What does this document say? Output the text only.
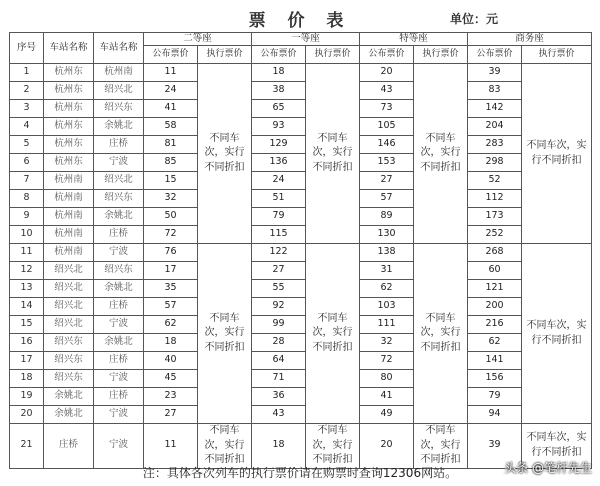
票 价 表	单位：元
序号	车站名称	车站名称	二等座		一等座		特等座		商务座	
			公布票价	执行票价	公布票价	执行票价	公布票价	执行票价	公布票价	执行票价
1	杭州东	杭州南	11	不同车次，实行不同折扣	18	不同车次，实行不同折扣	20	不同车次，实行不同折扣	39	不同车次，实行不同折扣
2	杭州东	绍兴北	24		38		43		83	
3	杭州东	绍兴东	41		65		73		142	
4	杭州东	余姚北	58		93		105		204	
5	杭州东	庄桥	81		129		146		283	
6	杭州东	宁波	85		136		153		298	
7	杭州南	绍兴北	15		24		27		52	
8	杭州南	绍兴东	32		51		57		112	
9	杭州南	余姚北	50		79		89		173	
10	杭州南	庄桥	72		115		130		252	
11	杭州南	宁波	76	不同车次，实行不同折扣	122	不同车次，实行不同折扣	138	不同车次，实行不同折扣	268	不同车次，实行不同折扣
12	绍兴北	绍兴东	17		27		31		60	
13	绍兴北	余姚北	35		55		62		121	
14	绍兴北	庄桥	57		92		103		200	
15	绍兴北	宁波	62		99		111		216	
16	绍兴东	余姚北	18		28		32		62	
17	绍兴东	庄桥	40		64		72		141	
18	绍兴东	宁波	45		71		80		156	
19	余姚北	庄桥	23		36		41		79	
20	余姚北	宁波	27		43		49		94	
21	庄桥	宁波	11	不同车次，实行不同折扣	18	不同车次，实行不同折扣	20	不同车次，实行不同折扣	39	不同车次，实行不同折扣
注：具体各次列车的执行票价请在购票时查询12306网站。	头条 @笔杆先生
